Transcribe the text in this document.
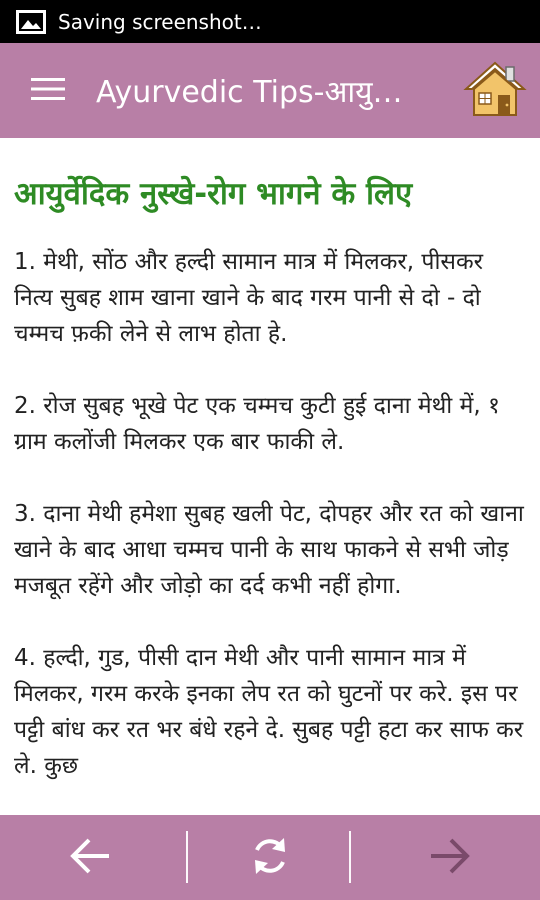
Saving screenshot…
Ayurvedic Tips-आयु…
आयुर्वेदिक नुस्खे-रोग भागने के लिए

1. मेथी, सोंठ और हल्दी सामान मात्र में मिलकर, पीसकर नित्य सुबह शाम खाना खाने के बाद गरम पानी से दो - दो चम्मच फ़की लेने से लाभ होता हे.

2. रोज सुबह भूखे पेट एक चम्मच कुटी हुई दाना मेथी में, १ ग्राम कलोंजी मिलकर एक बार फाकी ले.

3. दाना मेथी हमेशा सुबह खली पेट, दोपहर और रत को खाना खाने के बाद आधा चम्मच पानी के साथ फाकने से सभी जोड़ मजबूत रहेंगे और जोड़ो का दर्द कभी नहीं होगा.

4. हल्दी, गुड, पीसी दान मेथी और पानी सामान मात्र में मिलकर, गरम करके इनका लेप रत को घुटनों पर करे. इस पर पट्टी बांध कर रत भर बंधे रहने दे. सुबह पट्टी हटा कर साफ कर ले. कुछ
